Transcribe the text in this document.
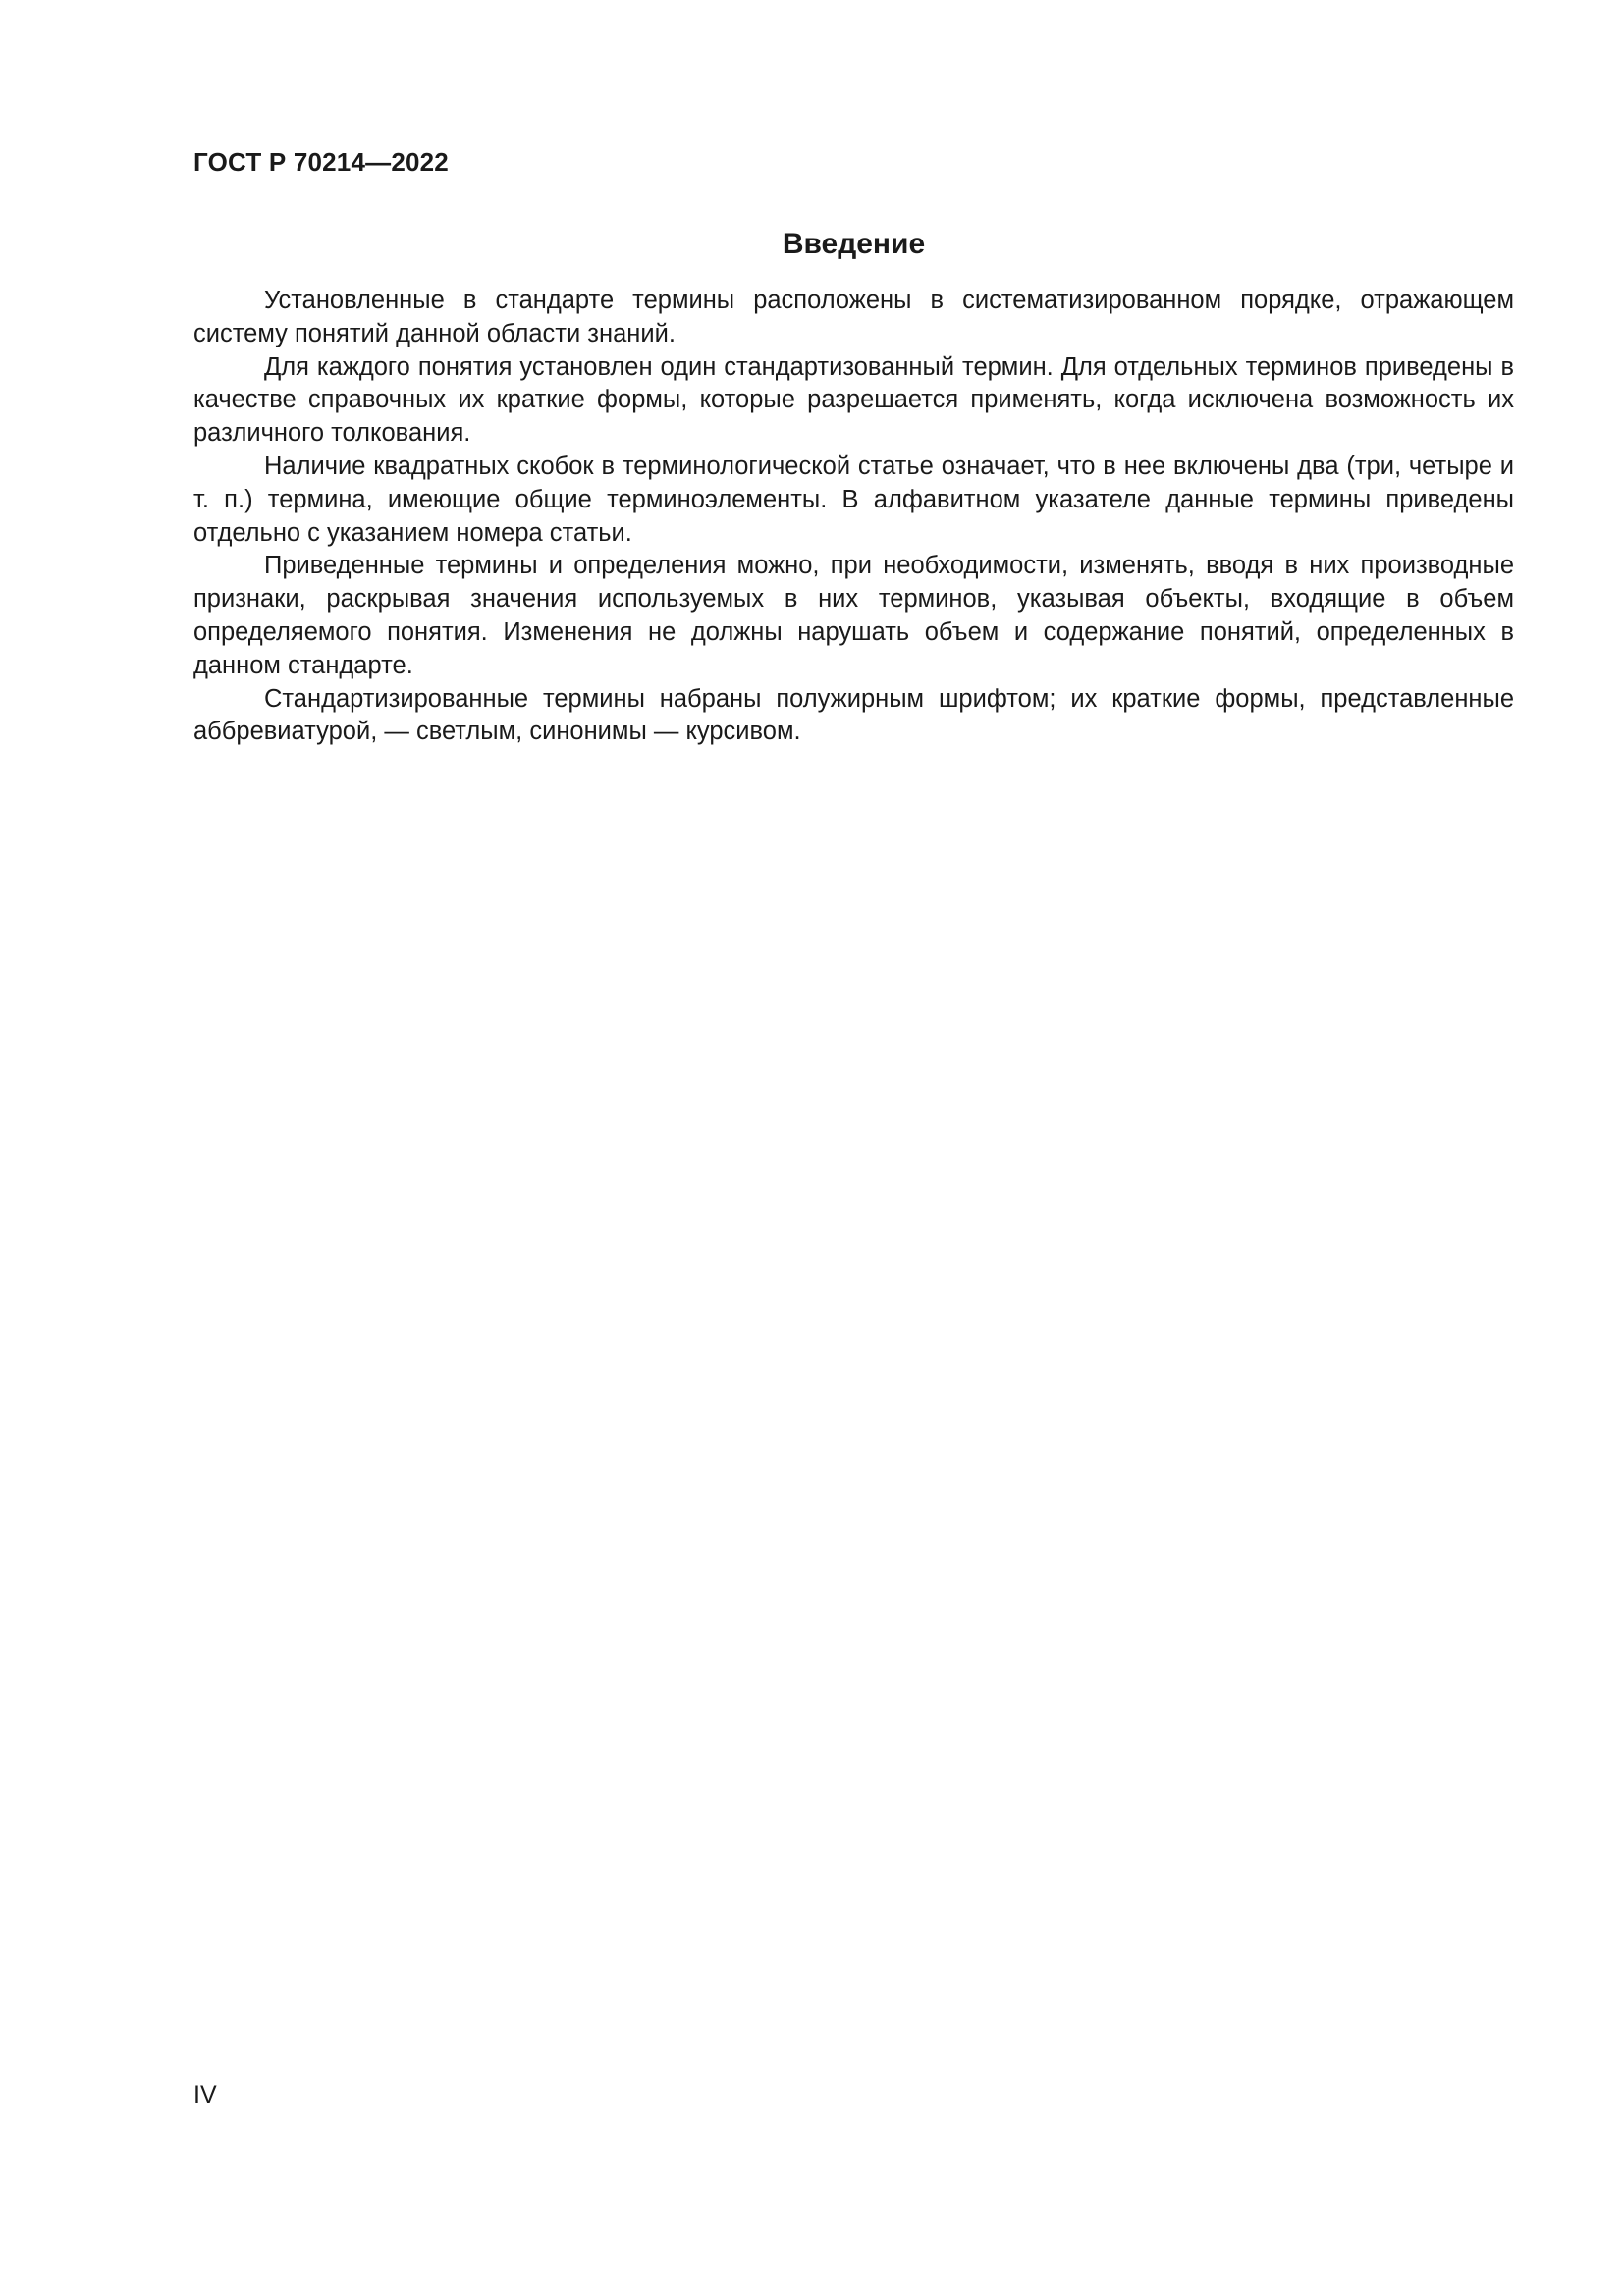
ГОСТ Р 70214—2022
Введение

Установленные в стандарте термины расположены в систематизированном порядке, отражающем систему понятий данной области знаний.

Для каждого понятия установлен один стандартизованный термин. Для отдельных терминов приведены в качестве справочных их краткие формы, которые разрешается применять, когда исключена возможность их различного толкования.

Наличие квадратных скобок в терминологической статье означает, что в нее включены два (три, четыре и т. п.) термина, имеющие общие терминоэлементы. В алфавитном указателе данные термины приведены отдельно с указанием номера статьи.

Приведенные термины и определения можно, при необходимости, изменять, вводя в них производные признаки, раскрывая значения используемых в них терминов, указывая объекты, входящие в объем определяемого понятия. Изменения не должны нарушать объем и содержание понятий, определенных в данном стандарте.

Стандартизированные термины набраны полужирным шрифтом; их краткие формы, представленные аббревиатурой, — светлым, синонимы — курсивом.

IV
